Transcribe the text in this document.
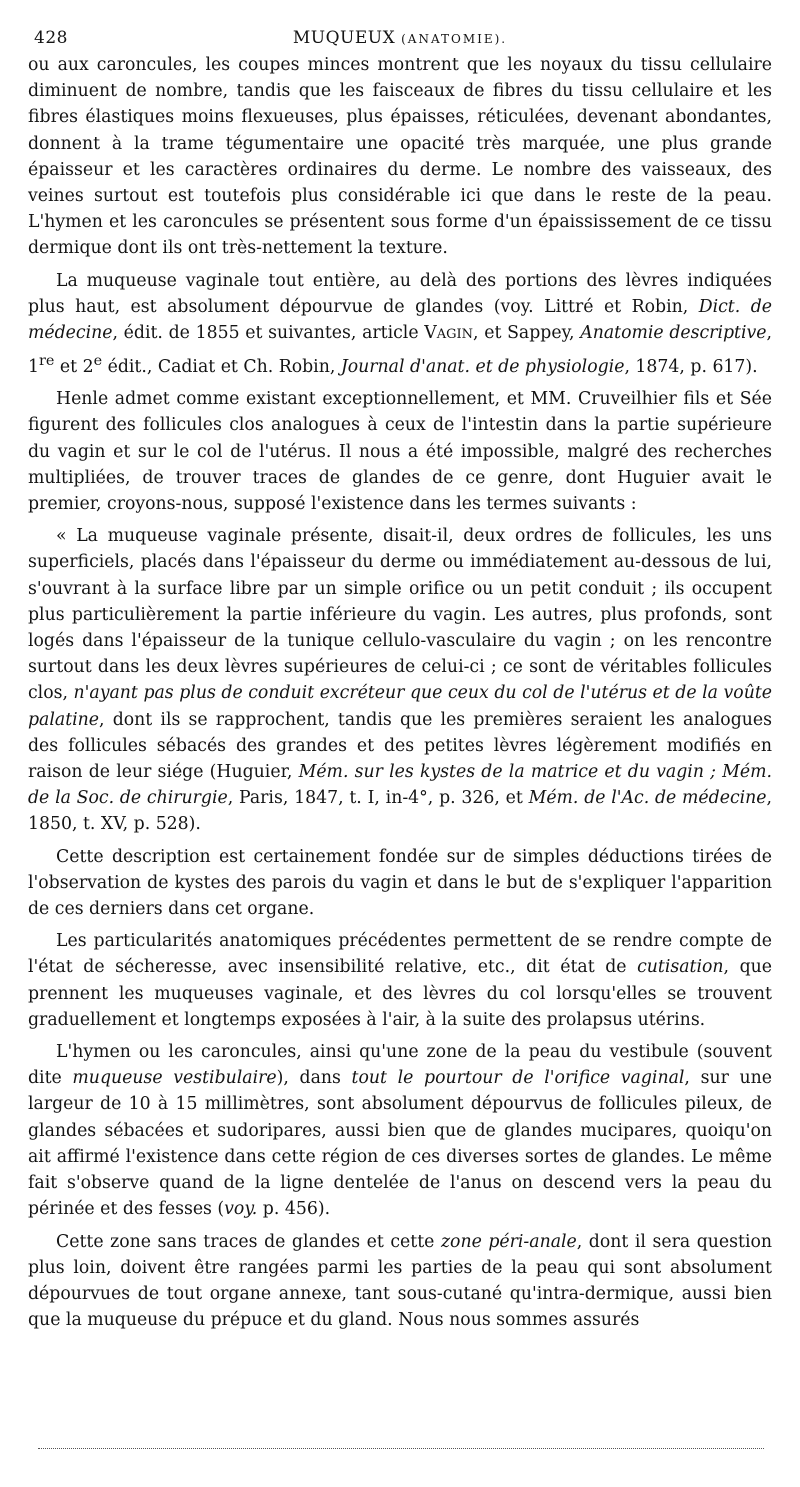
428	MUQUEUX (ANATOMIE).

ou aux caroncules, les coupes minces montrent que les noyaux du tissu cellulaire diminuent de nombre, tandis que les faisceaux de fibres du tissu cellulaire et les fibres élastiques moins flexueuses, plus épaisses, réticulées, devenant abondantes, donnent à la trame tégumentaire une opacité très marquée, une plus grande épaisseur et les caractères ordinaires du derme. Le nombre des vaisseaux, des veines surtout est toutefois plus considérable ici que dans le reste de la peau. L'hymen et les caroncules se présentent sous forme d'un épaississement de ce tissu dermique dont ils ont très-nettement la texture.

La muqueuse vaginale tout entière, au delà des portions des lèvres indiquées plus haut, est absolument dépourvue de glandes (voy. Littré et Robin, Dict. de médecine, édit. de 1855 et suivantes, article VAGIN, et Sappey, Anatomie descriptive, 1re et 2e édit., Cadiat et Ch. Robin, Journal d'anat. et de physiologie, 1874, p. 617).

Henle admet comme existant exceptionnellement, et MM. Cruveilhier fils et Sée figurent des follicules clos analogues à ceux de l'intestin dans la partie supérieure du vagin et sur le col de l'utérus. Il nous a été impossible, malgré des recherches multipliées, de trouver traces de glandes de ce genre, dont Huguier avait le premier, croyons-nous, supposé l'existence dans les termes suivants :

« La muqueuse vaginale présente, disait-il, deux ordres de follicules, les uns superficiels, placés dans l'épaisseur du derme ou immédiatement au-dessous de lui, s'ouvrant à la surface libre par un simple orifice ou un petit conduit ; ils occupent plus particulièrement la partie inférieure du vagin. Les autres, plus profonds, sont logés dans l'épaisseur de la tunique cellulo-vasculaire du vagin ; on les rencontre surtout dans les deux lèvres supérieures de celui-ci ; ce sont de véritables follicules clos, n'ayant pas plus de conduit excréteur que ceux du col de l'utérus et de la voûte palatine, dont ils se rapprochent, tandis que les premières seraient les analogues des follicules sébacés des grandes et des petites lèvres légèrement modifiés en raison de leur siége (Huguier, Mém. sur les kystes de la matrice et du vagin ; Mém. de la Soc. de chirurgie, Paris, 1847, t. I, in-4°, p. 326, et Mém. de l'Ac. de médecine, 1850, t. XV, p. 528).

Cette description est certainement fondée sur de simples déductions tirées de l'observation de kystes des parois du vagin et dans le but de s'expliquer l'apparition de ces derniers dans cet organe.

Les particularités anatomiques précédentes permettent de se rendre compte de l'état de sécheresse, avec insensibilité relative, etc., dit état de cutisation, que prennent les muqueuses vaginale, et des lèvres du col lorsqu'elles se trouvent graduellement et longtemps exposées à l'air, à la suite des prolapsus utérins.

L'hymen ou les caroncules, ainsi qu'une zone de la peau du vestibule (souvent dite muqueuse vestibulaire), dans tout le pourtour de l'orifice vaginal, sur une largeur de 10 à 15 millimètres, sont absolument dépourvus de follicules pileux, de glandes sébacées et sudoripares, aussi bien que de glandes mucipares, quoiqu'on ait affirmé l'existence dans cette région de ces diverses sortes de glandes. Le même fait s'observe quand de la ligne dentelée de l'anus on descend vers la peau du périnée et des fesses (voy. p. 456).

Cette zone sans traces de glandes et cette zone péri-anale, dont il sera question plus loin, doivent être rangées parmi les parties de la peau qui sont absolument dépourvues de tout organe annexe, tant sous-cutané qu'intra-dermique, aussi bien que la muqueuse du prépuce et du gland. Nous nous sommes assurés
